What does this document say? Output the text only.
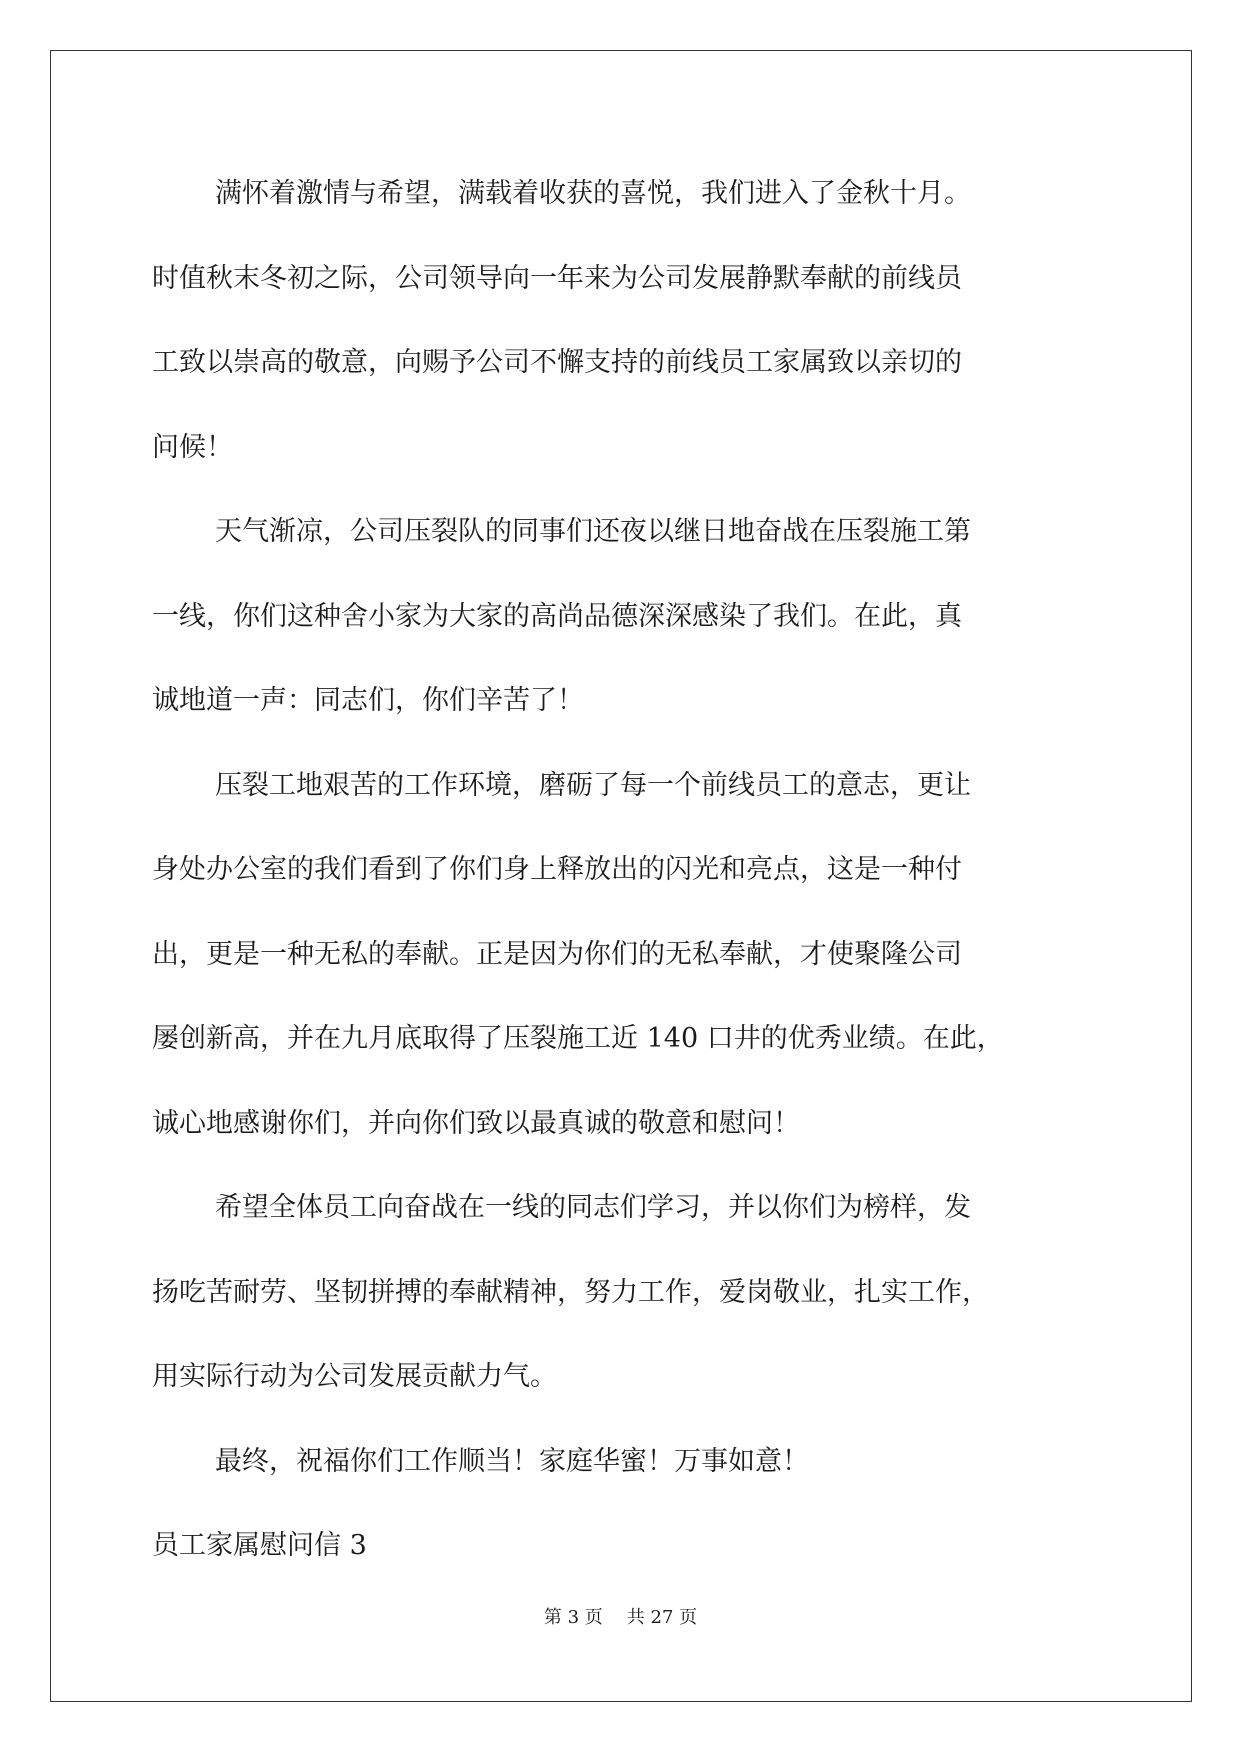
满怀着激情与希望，满载着收获的喜悦，我们进入了金秋十月。
时值秋末冬初之际，公司领导向一年来为公司发展静默奉献的前线员
工致以崇高的敬意，向赐予公司不懈支持的前线员工家属致以亲切的
问候！
天气渐凉，公司压裂队的同事们还夜以继日地奋战在压裂施工第
一线，你们这种舍小家为大家的高尚品德深深感染了我们。在此，真
诚地道一声：同志们，你们辛苦了！
压裂工地艰苦的工作环境，磨砺了每一个前线员工的意志，更让
身处办公室的我们看到了你们身上释放出的闪光和亮点，这是一种付
出，更是一种无私的奉献。正是因为你们的无私奉献，才使聚隆公司
屡创新高，并在九月底取得了压裂施工近 140 口井的优秀业绩。在此，
诚心地感谢你们，并向你们致以最真诚的敬意和慰问！
希望全体员工向奋战在一线的同志们学习，并以你们为榜样，发
扬吃苦耐劳、坚韧拼搏的奉献精神，努力工作，爱岗敬业，扎实工作，
用实际行动为公司发展贡献力气。
最终，祝福你们工作顺当！家庭华蜜！万事如意！
员工家属慰问信 3
第 3 页 共 27 页
